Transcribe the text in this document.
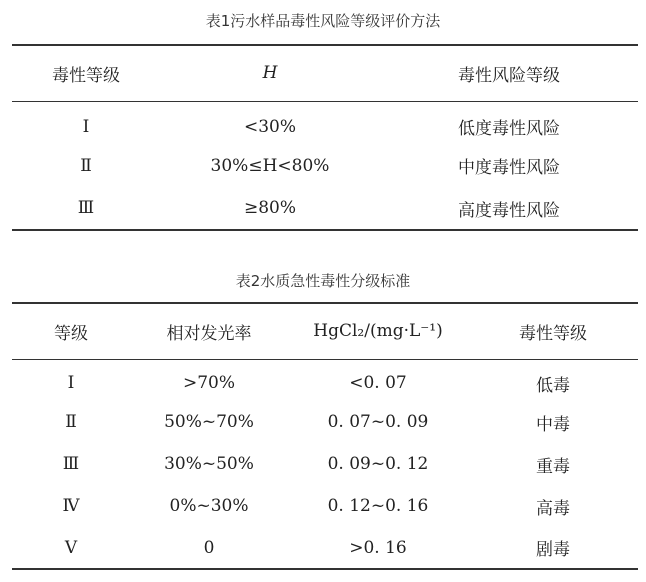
表1污水样品毒性风险等级评价方法
毒性等级	H	毒性风险等级
Ⅰ	<30%	低度毒性风险
Ⅱ	30%≤H<80%	中度毒性风险
Ⅲ	≥80%	高度毒性风险
表2水质急性毒性分级标准
等级	相对发光率	HgCl₂/(mg·L⁻¹)	毒性等级
Ⅰ	>70%	<0. 07	低毒
Ⅱ	50%~70%	0. 07~0. 09	中毒
Ⅲ	30%~50%	0. 09~0. 12	重毒
Ⅳ	0%~30%	0. 12~0. 16	高毒
Ⅴ	0	>0. 16	剧毒
